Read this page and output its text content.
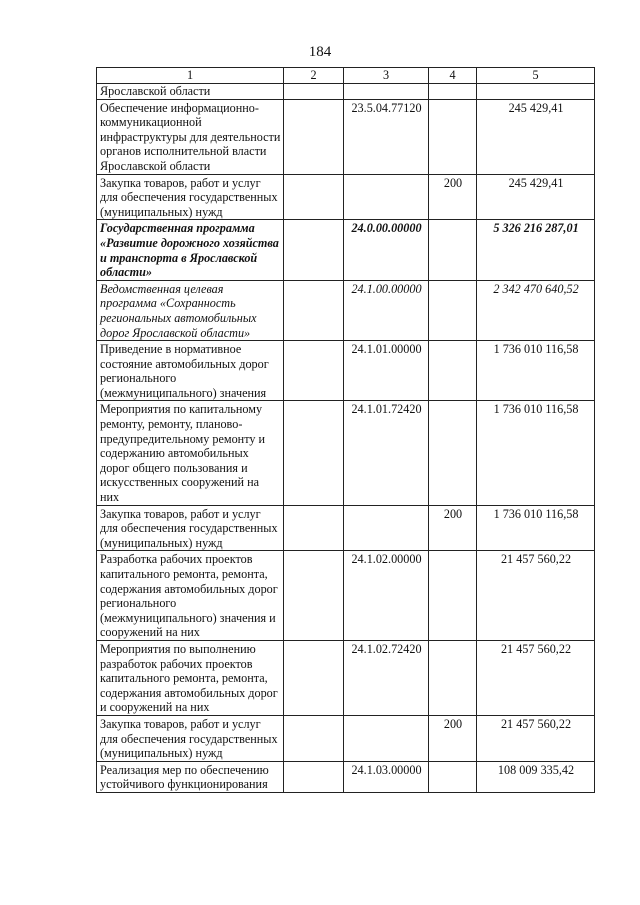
184
1	2	3	4	5
Ярославской области				
Обеспечение информационно-коммуникационной инфраструктуры для деятельности органов исполнительной власти Ярославской области		23.5.04.77120		245 429,41
Закупка товаров, работ и услуг для обеспечения государственных (муниципальных) нужд			200	245 429,41
Государственная программа «Развитие дорожного хозяйства и транспорта в Ярославской области»		24.0.00.00000		5 326 216 287,01
Ведомственная целевая программа «Сохранность региональных автомобильных дорог Ярославской области»		24.1.00.00000		2 342 470 640,52
Приведение в нормативное состояние автомобильных дорог регионального (межмуниципального) значения		24.1.01.00000		1 736 010 116,58
Мероприятия по капитальному ремонту, ремонту, планово-предупредительному ремонту и содержанию автомобильных дорог общего пользования и искусственных сооружений на них		24.1.01.72420		1 736 010 116,58
Закупка товаров, работ и услуг для обеспечения государственных (муниципальных) нужд			200	1 736 010 116,58
Разработка рабочих проектов капитального ремонта, ремонта, содержания автомобильных дорог регионального (межмуниципального) значения и сооружений на них		24.1.02.00000		21 457 560,22
Мероприятия по выполнению разработок рабочих проектов капитального ремонта, ремонта, содержания автомобильных дорог и сооружений на них		24.1.02.72420		21 457 560,22
Закупка товаров, работ и услуг для обеспечения государственных (муниципальных) нужд			200	21 457 560,22
Реализация мер по обеспечению устойчивого функционирования		24.1.03.00000		108 009 335,42
